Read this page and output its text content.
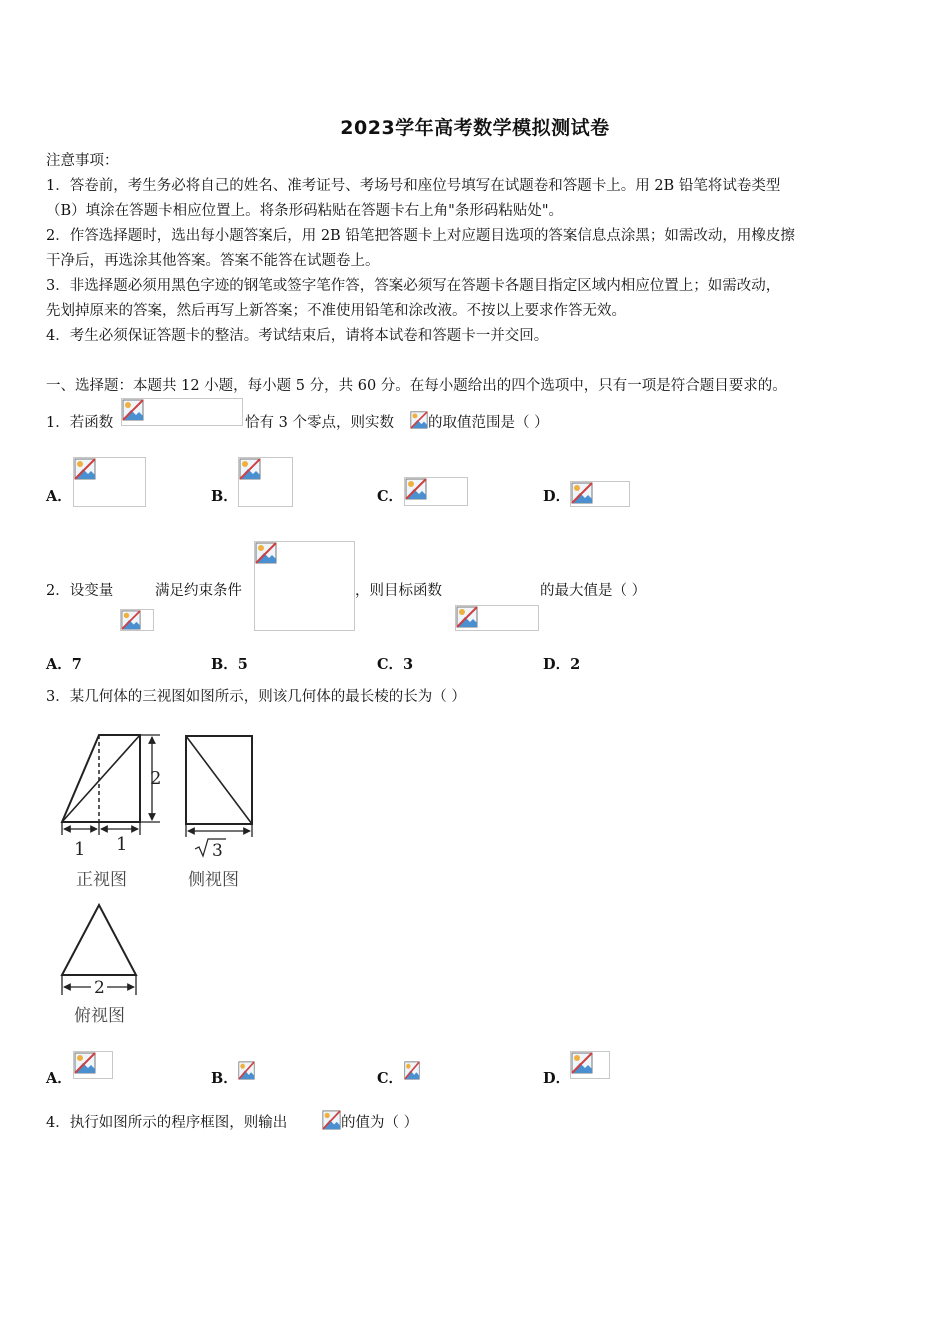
2023学年高考数学模拟测试卷
注意事项：
1．答卷前，考生务必将自己的姓名、准考证号、考场号和座位号填写在试题卷和答题卡上。用 2B 铅笔将试卷类型
（B）填涂在答题卡相应位置上。将条形码粘贴在答题卡右上角"条形码粘贴处"。
2．作答选择题时，选出每小题答案后，用 2B 铅笔把答题卡上对应题目选项的答案信息点涂黑；如需改动，用橡皮擦
干净后，再选涂其他答案。答案不能答在试题卷上。
3．非选择题必须用黑色字迹的钢笔或签字笔作答，答案必须写在答题卡各题目指定区域内相应位置上；如需改动，
先划掉原来的答案，然后再写上新答案；不准使用铅笔和涂改液。不按以上要求作答无效。
4．考生必须保证答题卡的整洁。考试结束后，请将本试卷和答题卡一并交回。
一、选择题：本题共 12 小题，每小题 5 分，共 60 分。在每小题给出的四个选项中，只有一项是符合题目要求的。
1．若函数	恰有 3 个零点，则实数 的取值范围是（ ）
A．	B．	C．	D．
2．设变量	满足约束条件	，则目标函数	的最大值是（ ）
A．7	B．5	C．3	D．2
3．某几何体的三视图如图所示，则该几何体的最长棱的长为（ ）
2
1 1
正视图
3
侧视图
2
俯视图
A．	B．	C．	D．
4．执行如图所示的程序框图，则输出	的值为（ ）
